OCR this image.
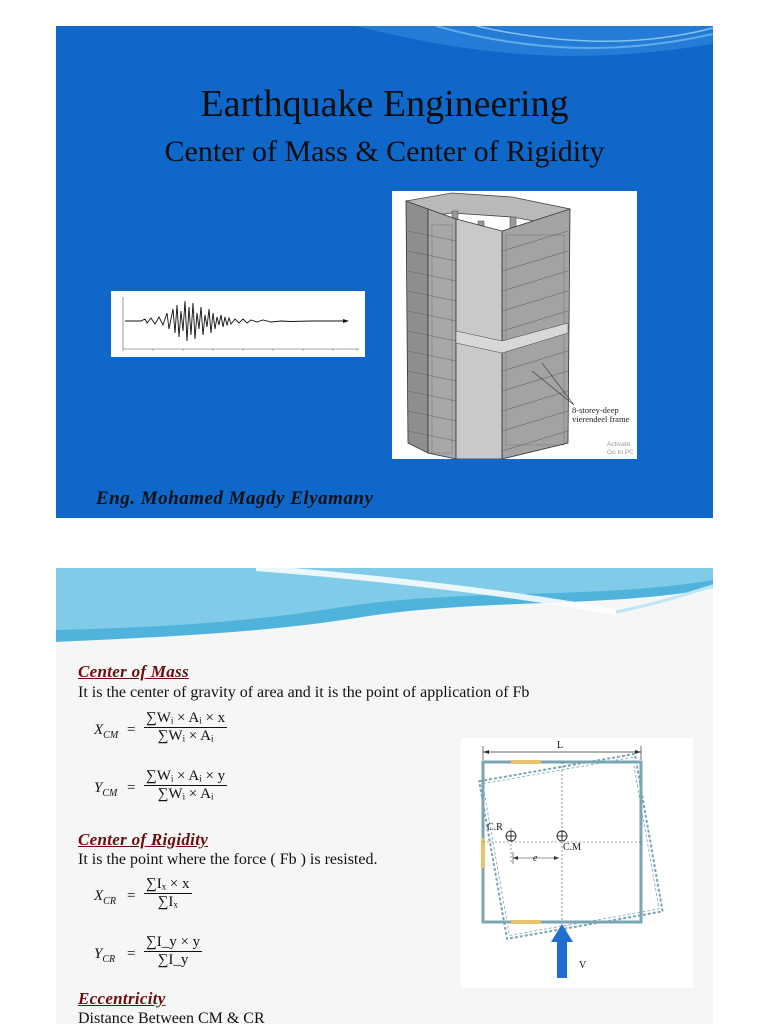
Earthquake Engineering
Center of Mass & Center of Rigidity
8-storey-deep vierendeel frame
Activate
Go to PC
Eng. Mohamed Magdy Elyamany
Center of Mass
It is the center of gravity of area and it is the point of application of Fb
$X_{CM} = \frac{\text{∑Wᵢ × Aᵢ × x}}{\text{∑Wᵢ × Aᵢ}}$
$Y_{CM} = \frac{\text{∑Wᵢ × Aᵢ × y}}{\text{∑Wᵢ × Aᵢ}}$
Center of Rigidity
It is the point where the force ( Fb ) is resisted.
$X_{CR} = \frac{\text{∑Iₓ × x}}{\text{∑Iₓ}}$
$Y_{CR} = \frac{\sum I\_y \times y}{\sum I\_y}$
Eccentricity
Distance Between CM & CR
L
C.R
C.M
e
V
